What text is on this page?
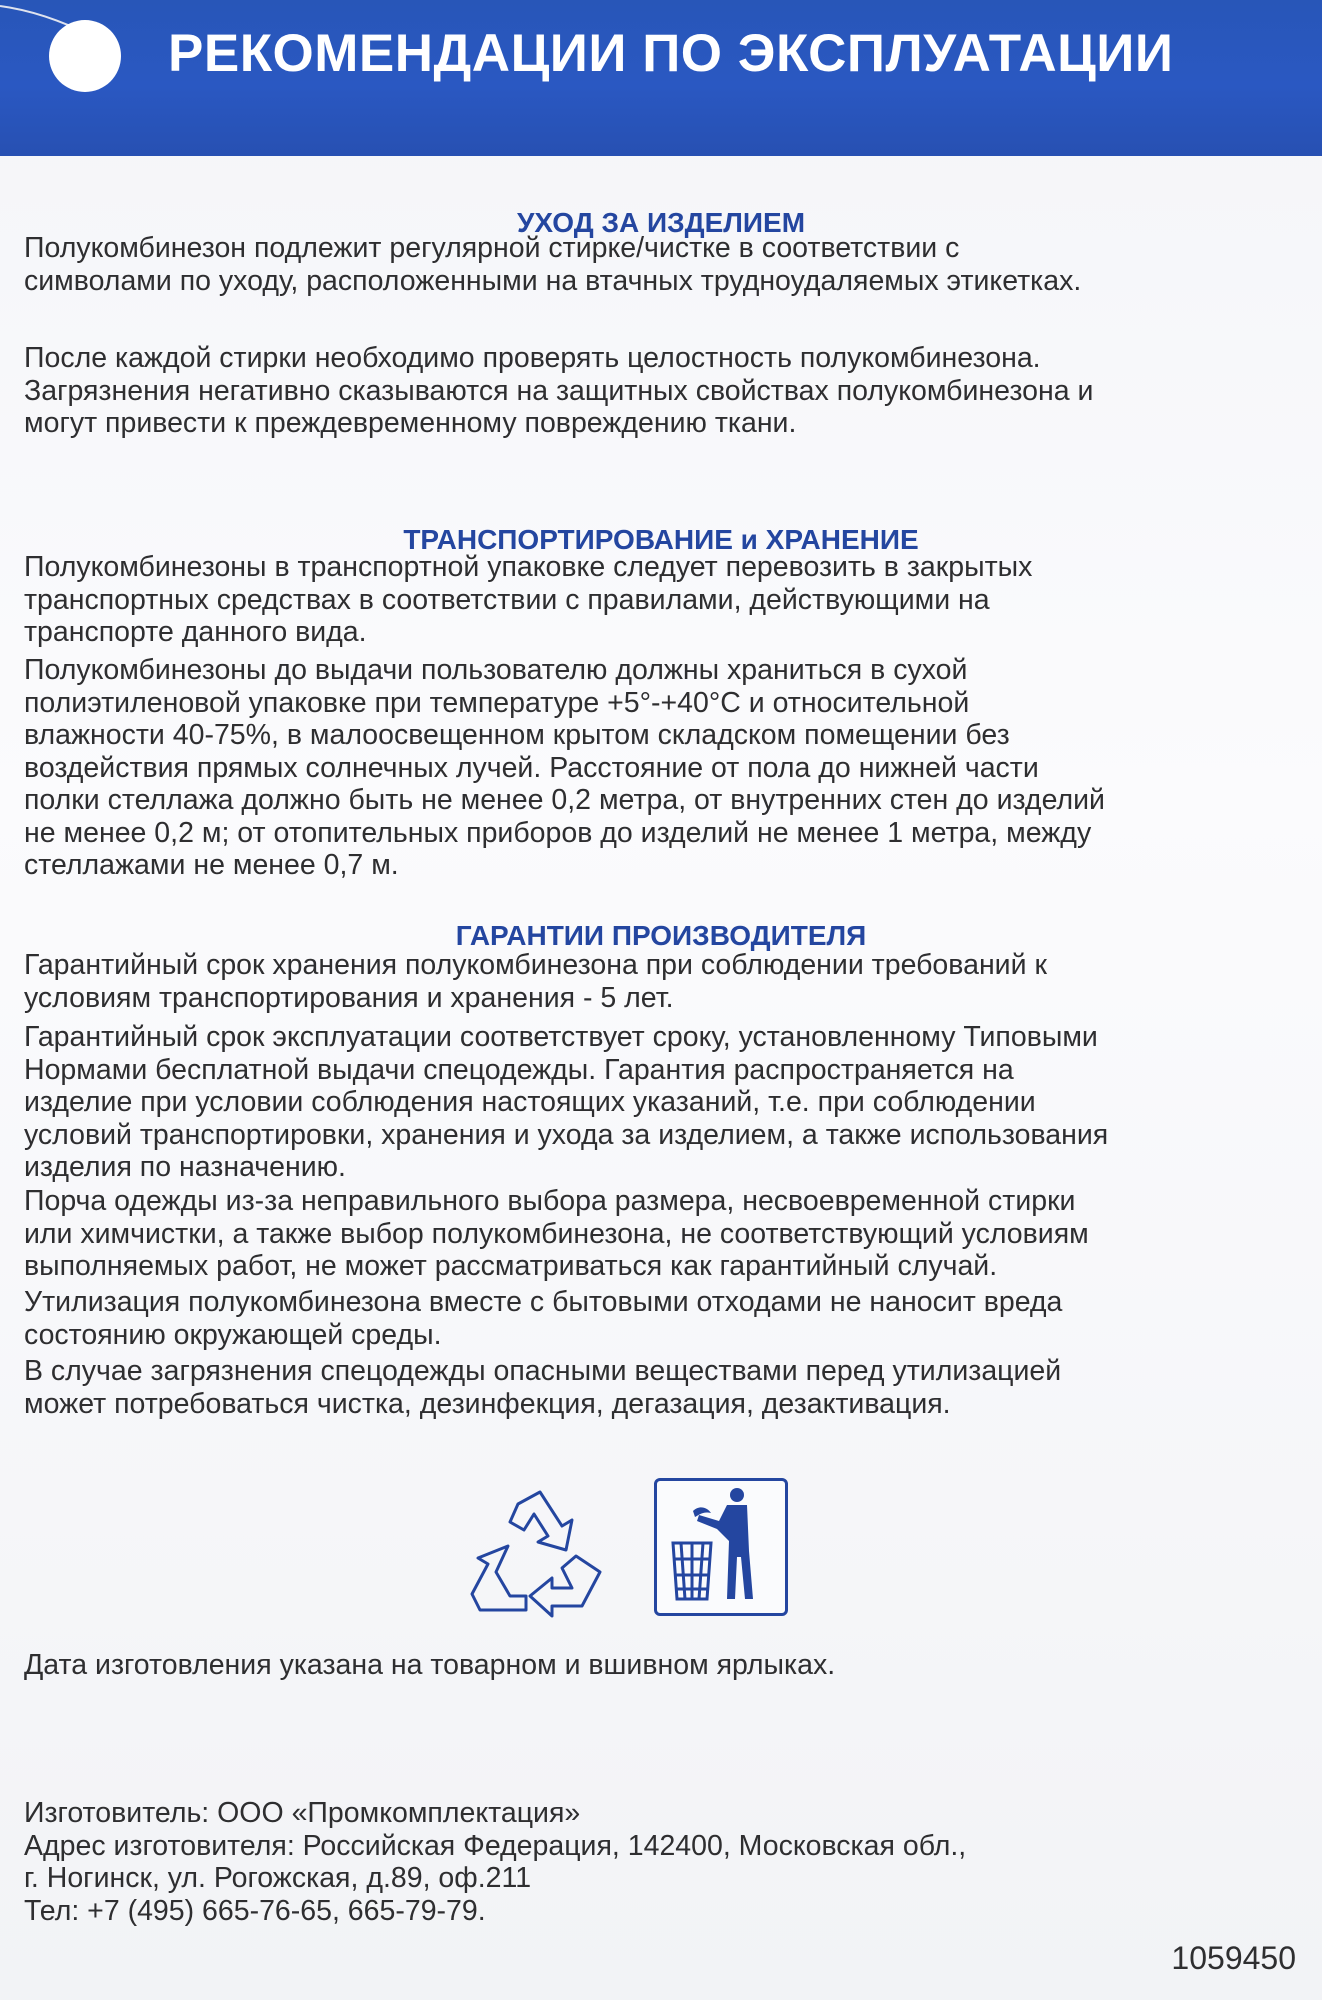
РЕКОМЕНДАЦИИ ПО ЭКСПЛУАТАЦИИ
УХОД ЗА ИЗДЕЛИЕМ
Полукомбинезон подлежит регулярной стирке/чистке в соответствии с
символами по уходу, расположенными на втачных трудноудаляемых этикетках.
После каждой стирки необходимо проверять целостность полукомбинезона.
Загрязнения негативно сказываются на защитных свойствах полукомбинезона и
могут привести к преждевременному повреждению ткани.
ТРАНСПОРТИРОВАНИЕ и ХРАНЕНИЕ
Полукомбинезоны в транспортной упаковке следует перевозить в закрытых
транспортных средствах в соответствии с правилами, действующими на
транспорте данного вида.
Полукомбинезоны до выдачи пользователю должны храниться в сухой
полиэтиленовой упаковке при температуре +5°-+40°С и относительной
влажности 40-75%, в малоосвещенном крытом складском помещении без
воздействия прямых солнечных лучей. Расстояние от пола до нижней части
полки стеллажа должно быть не менее 0,2 метра, от внутренних стен до изделий
не менее 0,2 м; от отопительных приборов до изделий не менее 1 метра, между
стеллажами не менее 0,7 м.
ГАРАНТИИ ПРОИЗВОДИТЕЛЯ
Гарантийный срок хранения полукомбинезона при соблюдении требований к
условиям транспортирования и хранения - 5 лет.
Гарантийный срок эксплуатации соответствует сроку, установленному Типовыми
Нормами бесплатной выдачи спецодежды. Гарантия распространяется на
изделие при условии соблюдения настоящих указаний, т.е. при соблюдении
условий транспортировки, хранения и ухода за изделием, а также использования
изделия по назначению.
Порча одежды из-за неправильного выбора размера, несвоевременной стирки
или химчистки, а также выбор полукомбинезона, не соответствующий условиям
выполняемых работ, не может рассматриваться как гарантийный случай.
Утилизация полукомбинезона вместе с бытовыми отходами не наносит вреда
состоянию окружающей среды.
В случае загрязнения спецодежды опасными веществами перед утилизацией
может потребоваться чистка, дезинфекция, дегазация, дезактивация.
Дата изготовления указана на товарном и вшивном ярлыках.
Изготовитель: ООО «Промкомплектация»
Адрес изготовителя: Российская Федерация, 142400, Московская обл.,
г. Ногинск, ул. Рогожская, д.89, оф.211
Тел: +7 (495) 665-76-65, 665-79-79.
1059450
